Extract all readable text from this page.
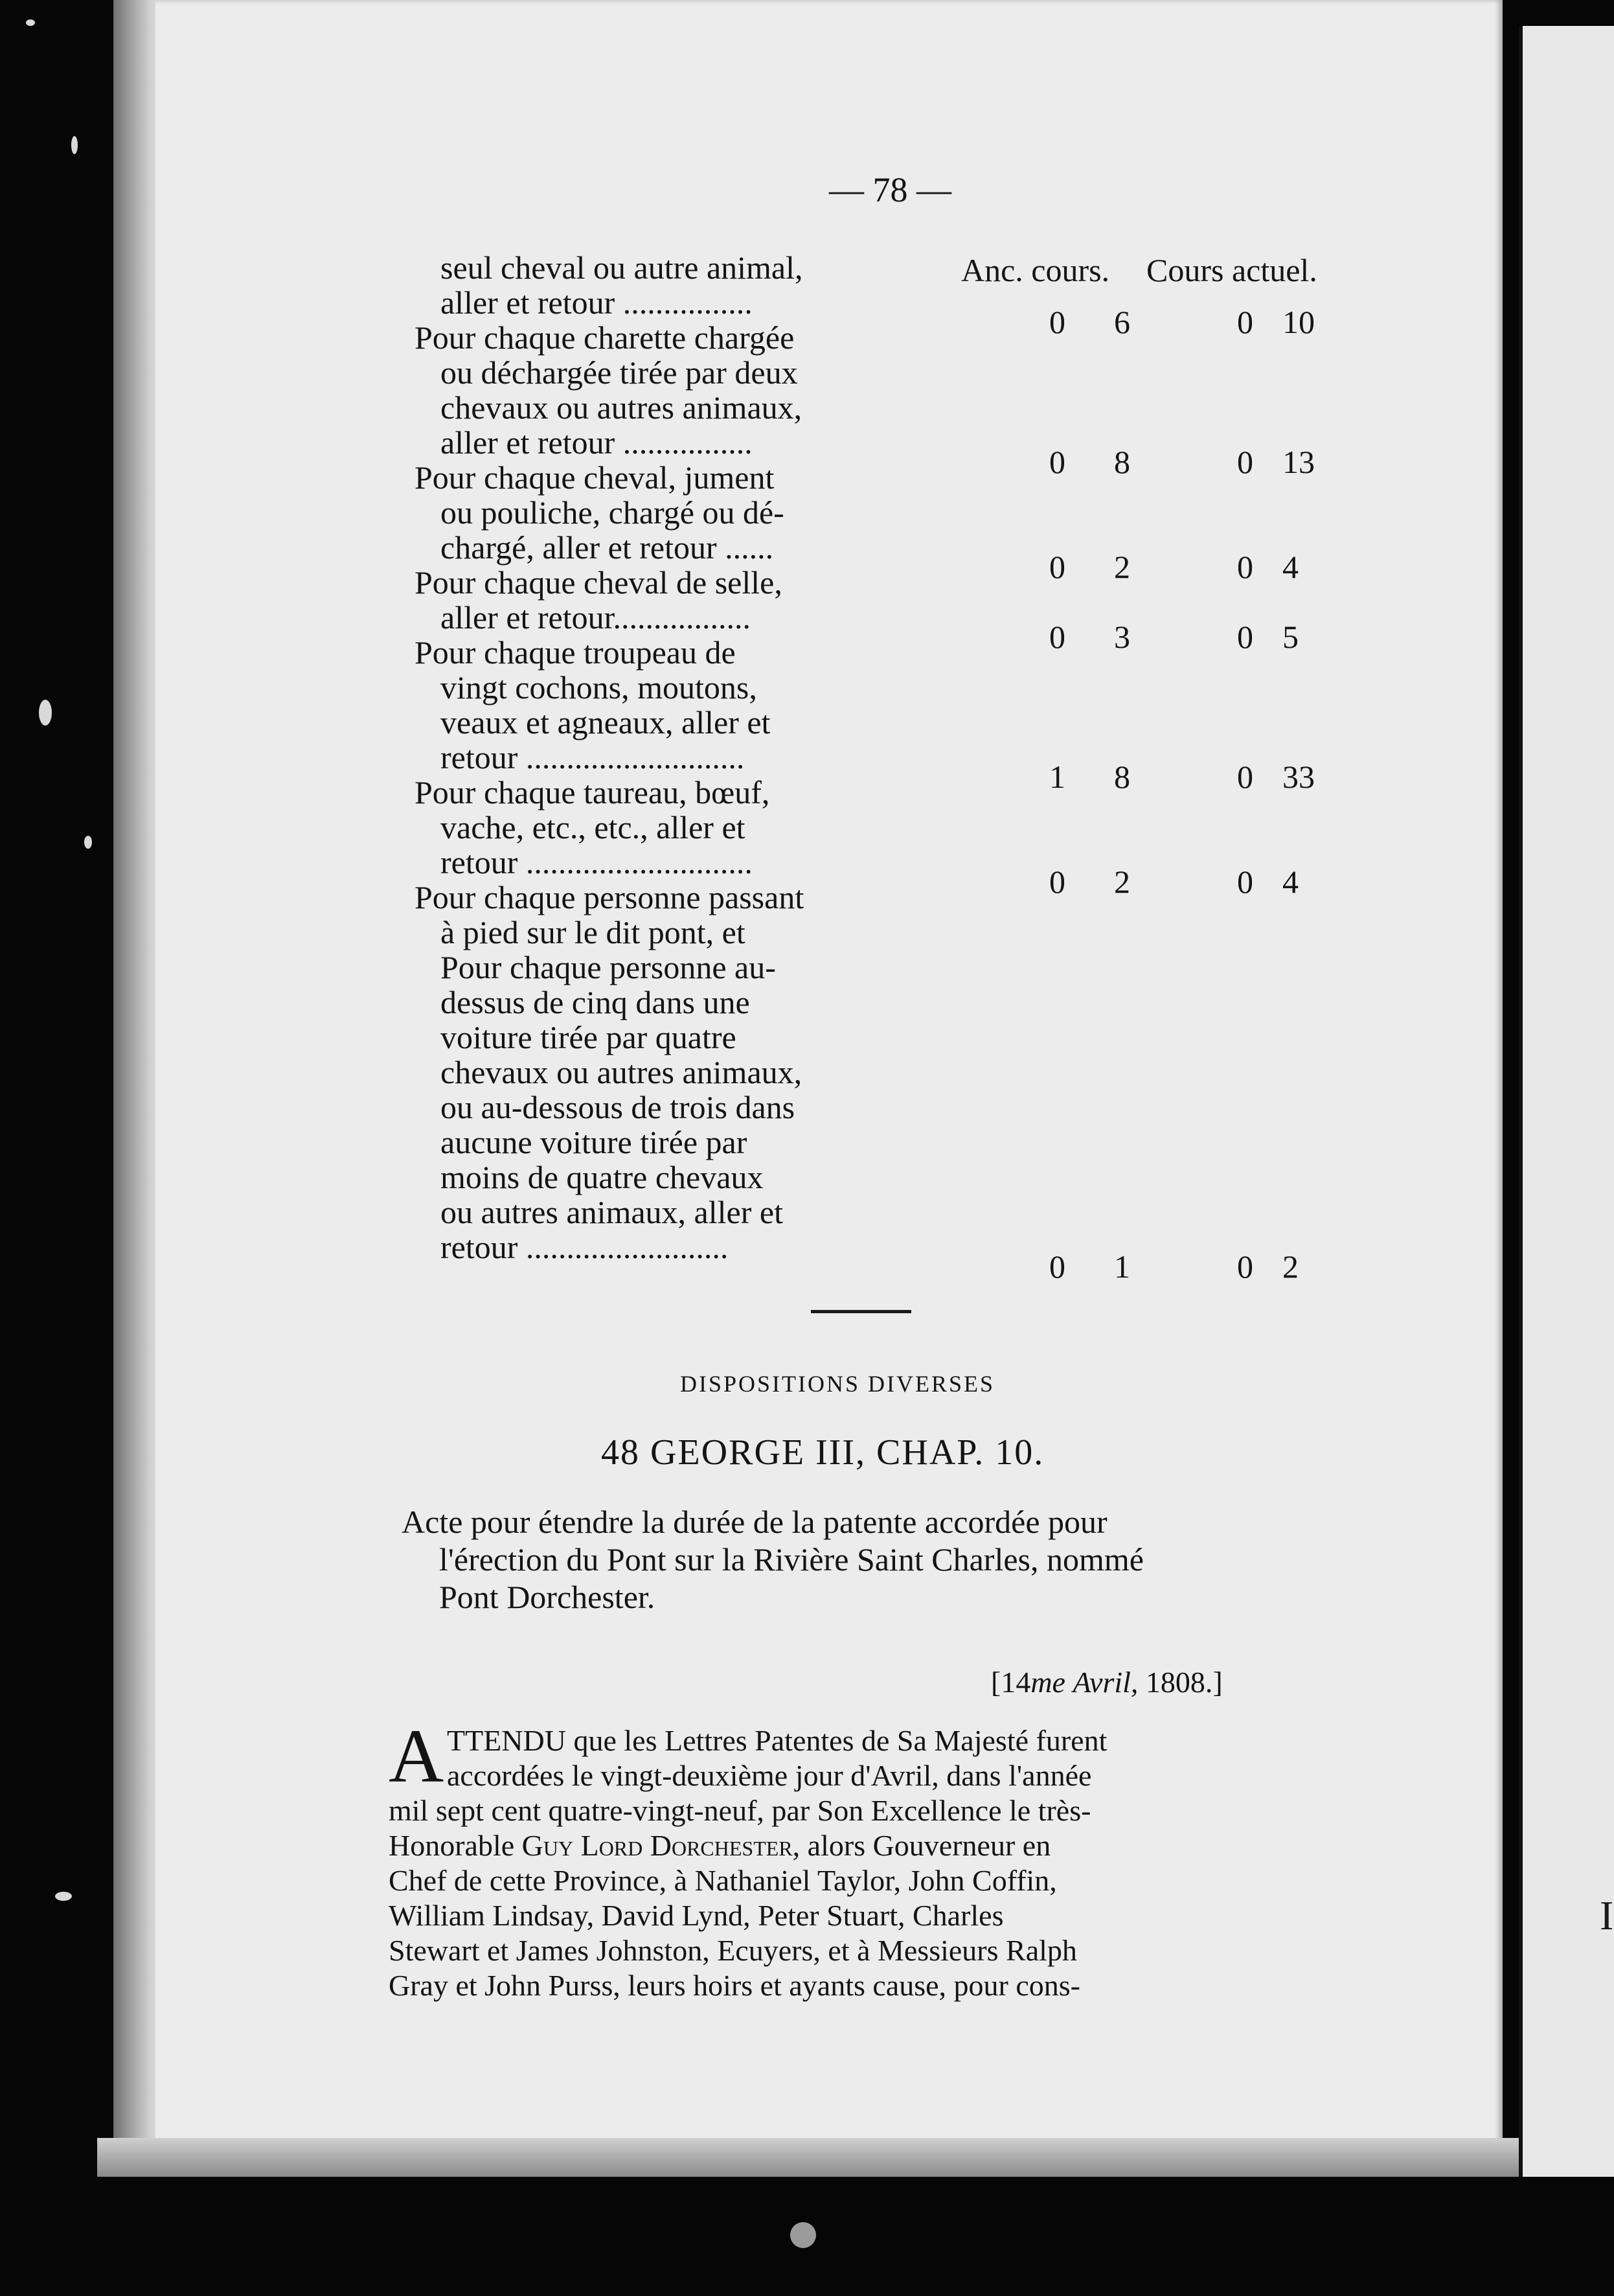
I
— 78 —
Anc. cours. Cours actuel.
seul cheval ou autre animal,
aller et retour ................
0 6	0 10
Pour chaque charette chargée
ou déchargée tirée par deux
chevaux ou autres animaux,
aller et retour ................
0 8	0 13
Pour chaque cheval, jument
ou pouliche, chargé ou dé-
chargé, aller et retour ......
0 2	0 4
Pour chaque cheval de selle,
aller et retour.................
0 3	0 5
Pour chaque troupeau de
vingt cochons, moutons,
veaux et agneaux, aller et
retour ...........................
1 8	0 33
Pour chaque taureau, bœuf,
vache, etc., etc., aller et
retour ............................
0 2	0 4
Pour chaque personne passant
à pied sur le dit pont, et
Pour chaque personne au-
dessus de cinq dans une
voiture tirée par quatre
chevaux ou autres animaux,
ou au-dessous de trois dans
aucune voiture tirée par
moins de quatre chevaux
ou autres animaux, aller et
retour .........................
0 1	0 2
DISPOSITIONS DIVERSES
48 GEORGE III, CHAP. 10.
Acte pour étendre la durée de la patente accordée pour
l'érection du Pont sur la Rivière Saint Charles, nommé
Pont Dorchester.
[14me Avril, 1808.]
A TTENDU que les Lettres Patentes de Sa Majesté furent
accordées le vingt-deuxième jour d'Avril, dans l'année
mil sept cent quatre-vingt-neuf, par Son Excellence le très-
Honorable Guy Lord Dorchester, alors Gouverneur en
Chef de cette Province, à Nathaniel Taylor, John Coffin,
William Lindsay, David Lynd, Peter Stuart, Charles
Stewart et James Johnston, Ecuyers, et à Messieurs Ralph
Gray et John Purss, leurs hoirs et ayants cause, pour cons-
